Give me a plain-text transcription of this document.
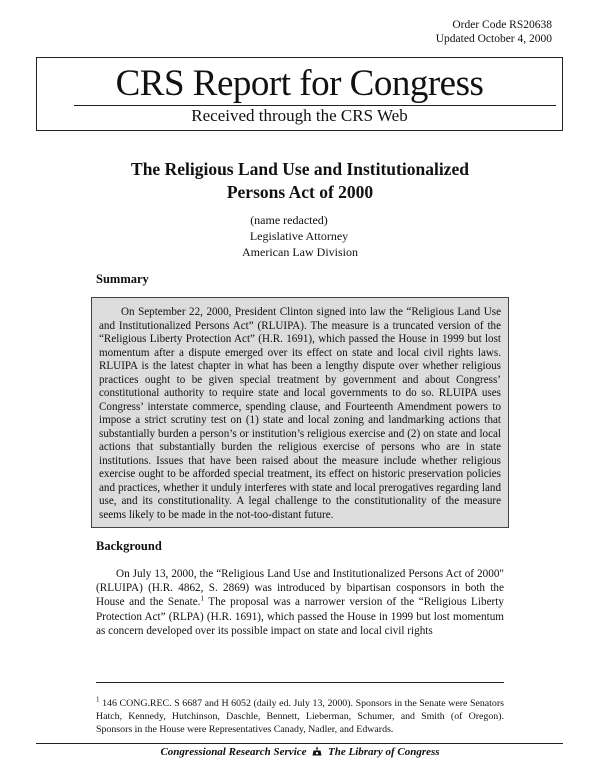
Order Code RS20638
Updated October 4, 2000
CRS Report for Congress
Received through the CRS Web
The Religious Land Use and Institutionalized
Persons Act of 2000
(name redacted)
Legislative Attorney
American Law Division
Summary

On September 22, 2000, President Clinton signed into law the “Religious Land Use and Institutionalized Persons Act” (RLUIPA). The measure is a truncated version of the “Religious Liberty Protection Act” (H.R. 1691), which passed the House in 1999 but lost momentum after a dispute emerged over its effect on state and local civil rights laws. RLUIPA is the latest chapter in what has been a lengthy dispute over whether religious practices ought to be given special treatment by government and about Congress’ constitutional authority to require state and local governments to do so. RLUIPA uses Congress’ interstate commerce, spending clause, and Fourteenth Amendment powers to impose a strict scrutiny test on (1) state and local zoning and landmarking actions that substantially burden a person’s or institution’s religious exercise and (2) on state and local actions that substantially burden the religious exercise of persons who are in state institutions. Issues that have been raised about the measure include whether religious exercise ought to be afforded special treatment, its effect on historic preservation policies and practices, whether it unduly interferes with state and local prerogatives regarding land use, and its constitutionality. A legal challenge to the constitutionality of the measure seems likely to be made in the not-too-distant future.

Background

On July 13, 2000, the “Religious Land Use and Institutionalized Persons Act of 2000" (RLUIPA) (H.R. 4862, S. 2869) was introduced by bipartisan cosponsors in both the House and the Senate.$^1$ The proposal was a narrower version of the “Religious Liberty Protection Act” (RLPA) (H.R. 1691), which passed the House in 1999 but lost momentum as concern developed over its possible impact on state and local civil rights

$^1$ 146 CONG.REC. S 6687 and H 6052 (daily ed. July 13, 2000). Sponsors in the Senate were Senators Hatch, Kennedy, Hutchinson, Daschle, Bennett, Lieberman, Schumer, and Smith (of Oregon). Sponsors in the House were Representatives Canady, Nadler, and Edwards.

Congressional Research Service The Library of Congress
